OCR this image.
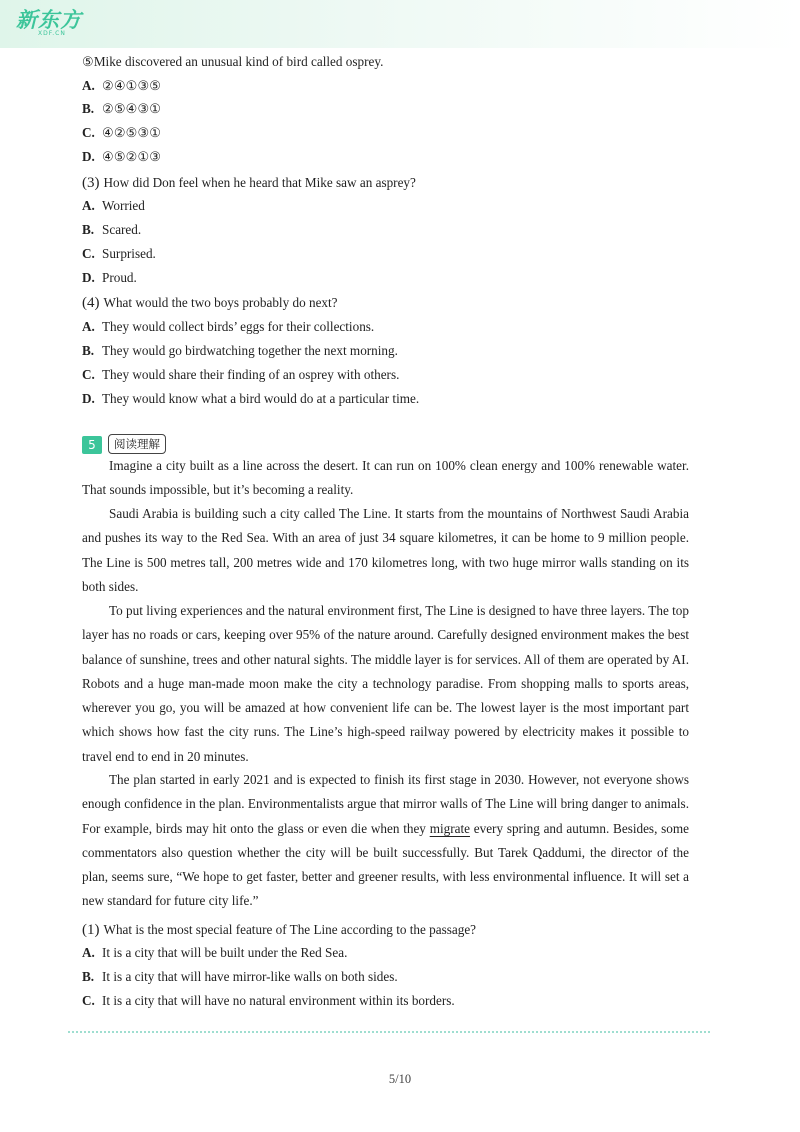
新东方
XDF.CN
⑤Mike discovered an unusual kind of bird called osprey.
A. ②④①③⑤
B. ②⑤④③①
C. ④②⑤③①
D. ④⑤②①③
(3) How did Don feel when he heard that Mike saw an asprey?
A. Worried
B. Scared.
C. Surprised.
D. Proud.
(4) What would the two boys probably do next?
A. They would collect birds’ eggs for their collections.
B. They would go birdwatching together the next morning.
C. They would share their finding of an osprey with others.
D. They would know what a bird would do at a particular time.
5	阅读理解
Imagine a city built as a line across the desert. It can run on 100% clean energy and 100% renewable water. That sounds impossible, but it’s becoming a reality.
Saudi Arabia is building such a city called The Line. It starts from the mountains of Northwest Saudi Arabia and pushes its way to the Red Sea. With an area of just 34 square kilometres, it can be home to 9 million people. The Line is 500 metres tall, 200 metres wide and 170 kilometres long, with two huge mirror walls standing on its both sides.
To put living experiences and the natural environment first, The Line is designed to have three layers. The top layer has no roads or cars, keeping over 95% of the nature around. Carefully designed environment makes the best balance of sunshine, trees and other natural sights. The middle layer is for services. All of them are operated by AI. Robots and a huge man-made moon make the city a technology paradise. From shopping malls to sports areas, wherever you go, you will be amazed at how convenient life can be. The lowest layer is the most important part which shows how fast the city runs. The Line’s high-speed railway powered by electricity makes it possible to travel end to end in 20 minutes.
The plan started in early 2021 and is expected to finish its first stage in 2030. However, not everyone shows enough confidence in the plan. Environmentalists argue that mirror walls of The Line will bring danger to animals. For example, birds may hit onto the glass or even die when they migrate every spring and autumn. Besides, some commentators also question whether the city will be built successfully. But Tarek Qaddumi, the director of the plan, seems sure, “We hope to get faster, better and greener results, with less environmental influence. It will set a new standard for future city life.”
(1) What is the most special feature of The Line according to the passage?
A. It is a city that will be built under the Red Sea.
B. It is a city that will have mirror-like walls on both sides.
C. It is a city that will have no natural environment within its borders.
5/10
